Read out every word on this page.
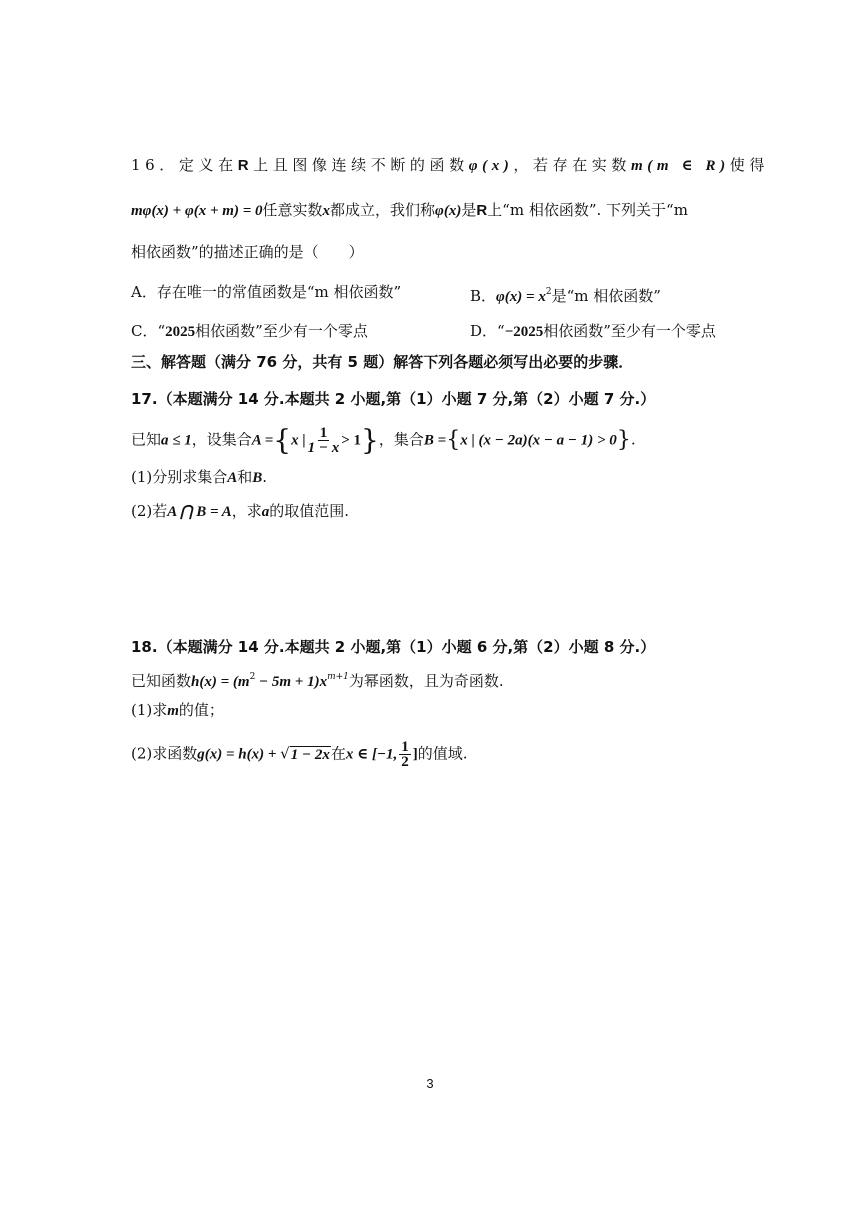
16．定义在R上且图像连续不断的函数φ(x)，若存在实数m(m ∈ R)使得
mφ(x) + φ(x + m) = 0任意实数x都成立，我们称φ(x)是R上“m 相依函数”. 下列关于“m
相依函数”的描述正确的是（　　）
A．存在唯一的常值函数是“m 相依函数”	B．$\varphi(x) = x^2$是“m 相依函数”
C．“2025相依函数”至少有一个零点	D．“−2025相依函数”至少有一个零点
三、解答题（满分 76 分，共有 5 题）解答下列各题必须写出必要的步骤．
17.（本题满分 14 分.本题共 2 小题,第（1）小题 7 分,第（2）小题 7 分.）
已知a ≤ 1，设集合A ={x | $\frac{1}{1 - x} > 1$}，集合B ={x | (x − 2a)(x − a − 1) > 0}.
(1)分别求集合A和B.
(2)若A ⋂ B = A，求a的取值范围.
18.（本题满分 14 分.本题共 2 小题,第（1）小题 6 分,第（2）小题 8 分.）
已知函数$h(x) = (m^2 - 5m + 1)x^{m+1}$为幂函数，且为奇函数.
(1)求m的值；
(2)求函数g(x) = h(x) + √1 − 2x在x ∈ [−1, $\frac{1}{2}$ ]的值域.
3
